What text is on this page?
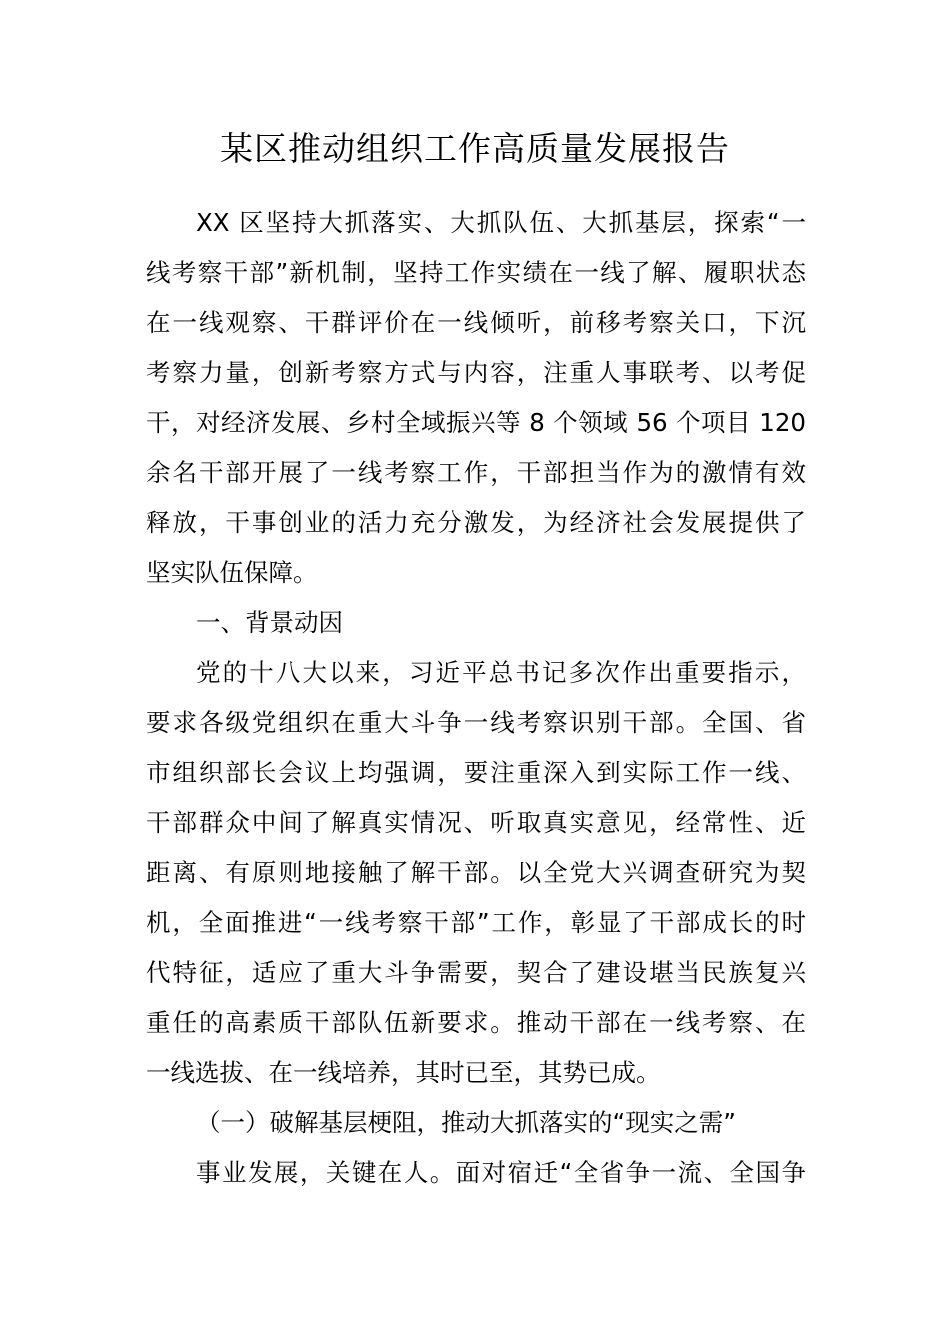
某区推动组织工作高质量发展报告
XX 区坚持大抓落实、大抓队伍、大抓基层，探索“一
线考察干部”新机制，坚持工作实绩在一线了解、履职状态
在一线观察、干群评价在一线倾听，前移考察关口，下沉
考察力量，创新考察方式与内容，注重人事联考、以考促
干，对经济发展、乡村全域振兴等 8 个领域 56 个项目 120
余名干部开展了一线考察工作，干部担当作为的激情有效
释放，干事创业的活力充分激发，为经济社会发展提供了
坚实队伍保障。
一、背景动因
党的十八大以来，习近平总书记多次作出重要指示，
要求各级党组织在重大斗争一线考察识别干部。全国、省
市组织部长会议上均强调，要注重深入到实际工作一线、
干部群众中间了解真实情况、听取真实意见，经常性、近
距离、有原则地接触了解干部。以全党大兴调查研究为契
机，全面推进“一线考察干部”工作，彰显了干部成长的时
代特征，适应了重大斗争需要，契合了建设堪当民族复兴
重任的高素质干部队伍新要求。推动干部在一线考察、在
一线选拔、在一线培养，其时已至，其势已成。
（一）破解基层梗阻，推动大抓落实的“现实之需”
事业发展，关键在人。面对宿迁“全省争一流、全国争
